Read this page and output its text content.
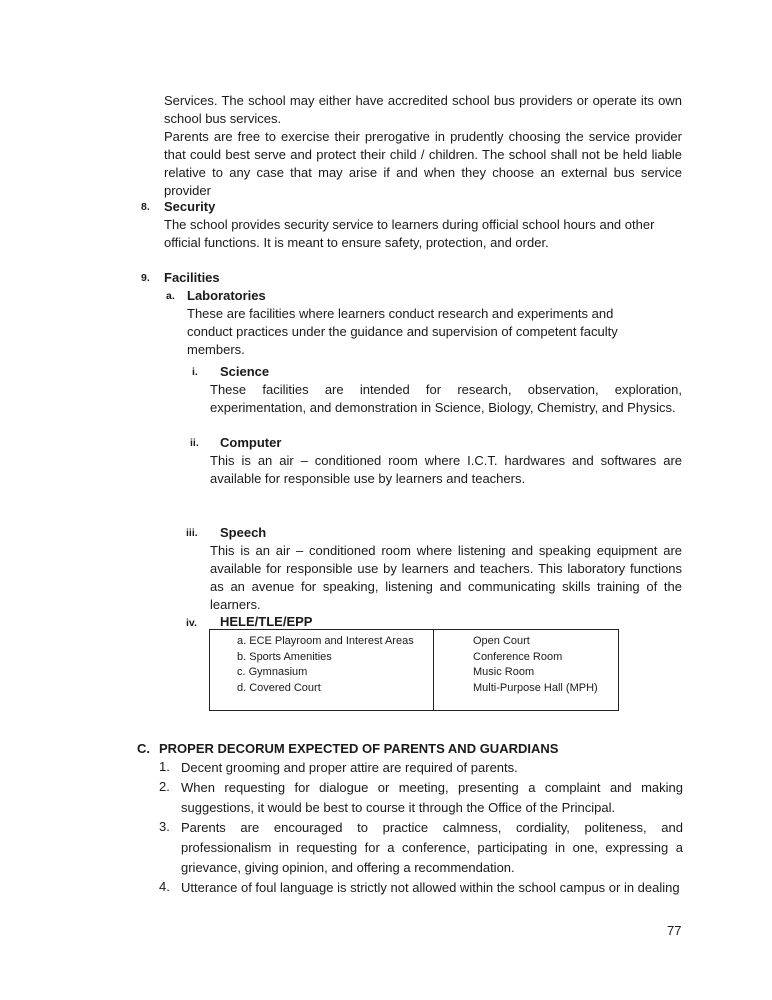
Services. The school may either have accredited school bus providers or operate its own

school bus services.

Parents are free to exercise their prerogative in prudently choosing the service provider that could best serve and protect their child / children. The school shall not be held liable relative to any case that may arise if and when they choose an external bus service provider

8. Security
The school provides security service to learners during official school hours and other official functions. It is meant to ensure safety, protection, and order.
9. Facilities
a. Laboratories
These are facilities where learners conduct research and experiments and conduct practices under the guidance and supervision of competent faculty members.
i. Science

These facilities are intended for research, observation, exploration,

experimentation, and demonstration in Science, Biology, Chemistry, and Physics.

ii. Computer
This is an air – conditioned room where I.C.T. hardwares and softwares are available for responsible use by learners and teachers.
iii. Speech
This is an air – conditioned room where listening and speaking equipment are available for responsible use by learners and teachers. This laboratory functions as an avenue for speaking, listening and communicating skills training of the learners.
iv. HELE/TLE/EPP
a. ECE Playroom and Interest Areas
b. Sports Amenities
c. Gymnasium
d. Covered Court
Open Court
Conference Room
Music Room
Multi-Purpose Hall (MPH)
C. PROPER DECORUM EXPECTED OF PARENTS AND GUARDIANS
1. Decent grooming and proper attire are required of parents.
2. When requesting for dialogue or meeting, presenting a complaint and making suggestions, it would be best to course it through the Office of the Principal.
3. Parents are encouraged to practice calmness, cordiality, politeness, and professionalism in requesting for a conference, participating in one, expressing a grievance, giving opinion, and offering a recommendation.
4. Utterance of foul language is strictly not allowed within the school campus or in dealing
77
